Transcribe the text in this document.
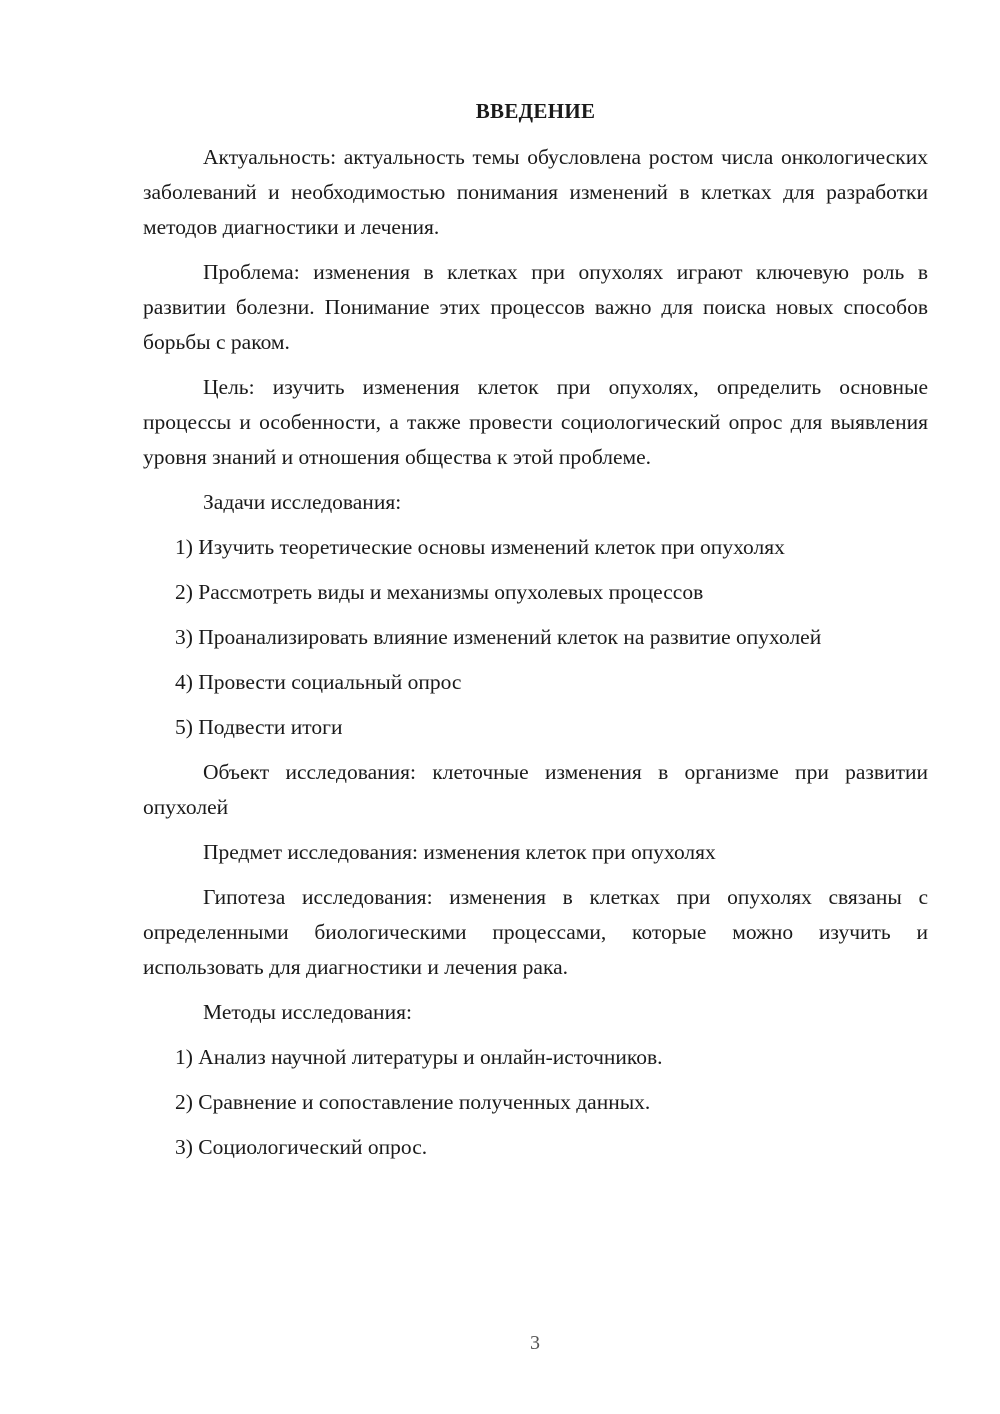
ВВЕДЕНИЕ

Актуальность: актуальность темы обусловлена ростом числа онкологических заболеваний и необходимостью понимания изменений в клетках для разработки методов диагностики и лечения.

Проблема: изменения в клетках при опухолях играют ключевую роль в развитии болезни. Понимание этих процессов важно для поиска новых способов борьбы с раком.

Цель: изучить изменения клеток при опухолях, определить основные процессы и особенности, а также провести социологический опрос для выявления уровня знаний и отношения общества к этой проблеме.

Задачи исследования:

1) Изучить теоретические основы изменений клеток при опухолях

2) Рассмотреть виды и механизмы опухолевых процессов

3) Проанализировать влияние изменений клеток на развитие опухолей

4) Провести социальный опрос

5) Подвести итоги

Объект исследования: клеточные изменения в организме при развитии опухолей

Предмет исследования: изменения клеток при опухолях

Гипотеза исследования: изменения в клетках при опухолях связаны с определенными биологическими процессами, которые можно изучить и использовать для диагностики и лечения рака.

Методы исследования:

1) Анализ научной литературы и онлайн-источников.

2) Сравнение и сопоставление полученных данных.

3) Социологический опрос.

3
